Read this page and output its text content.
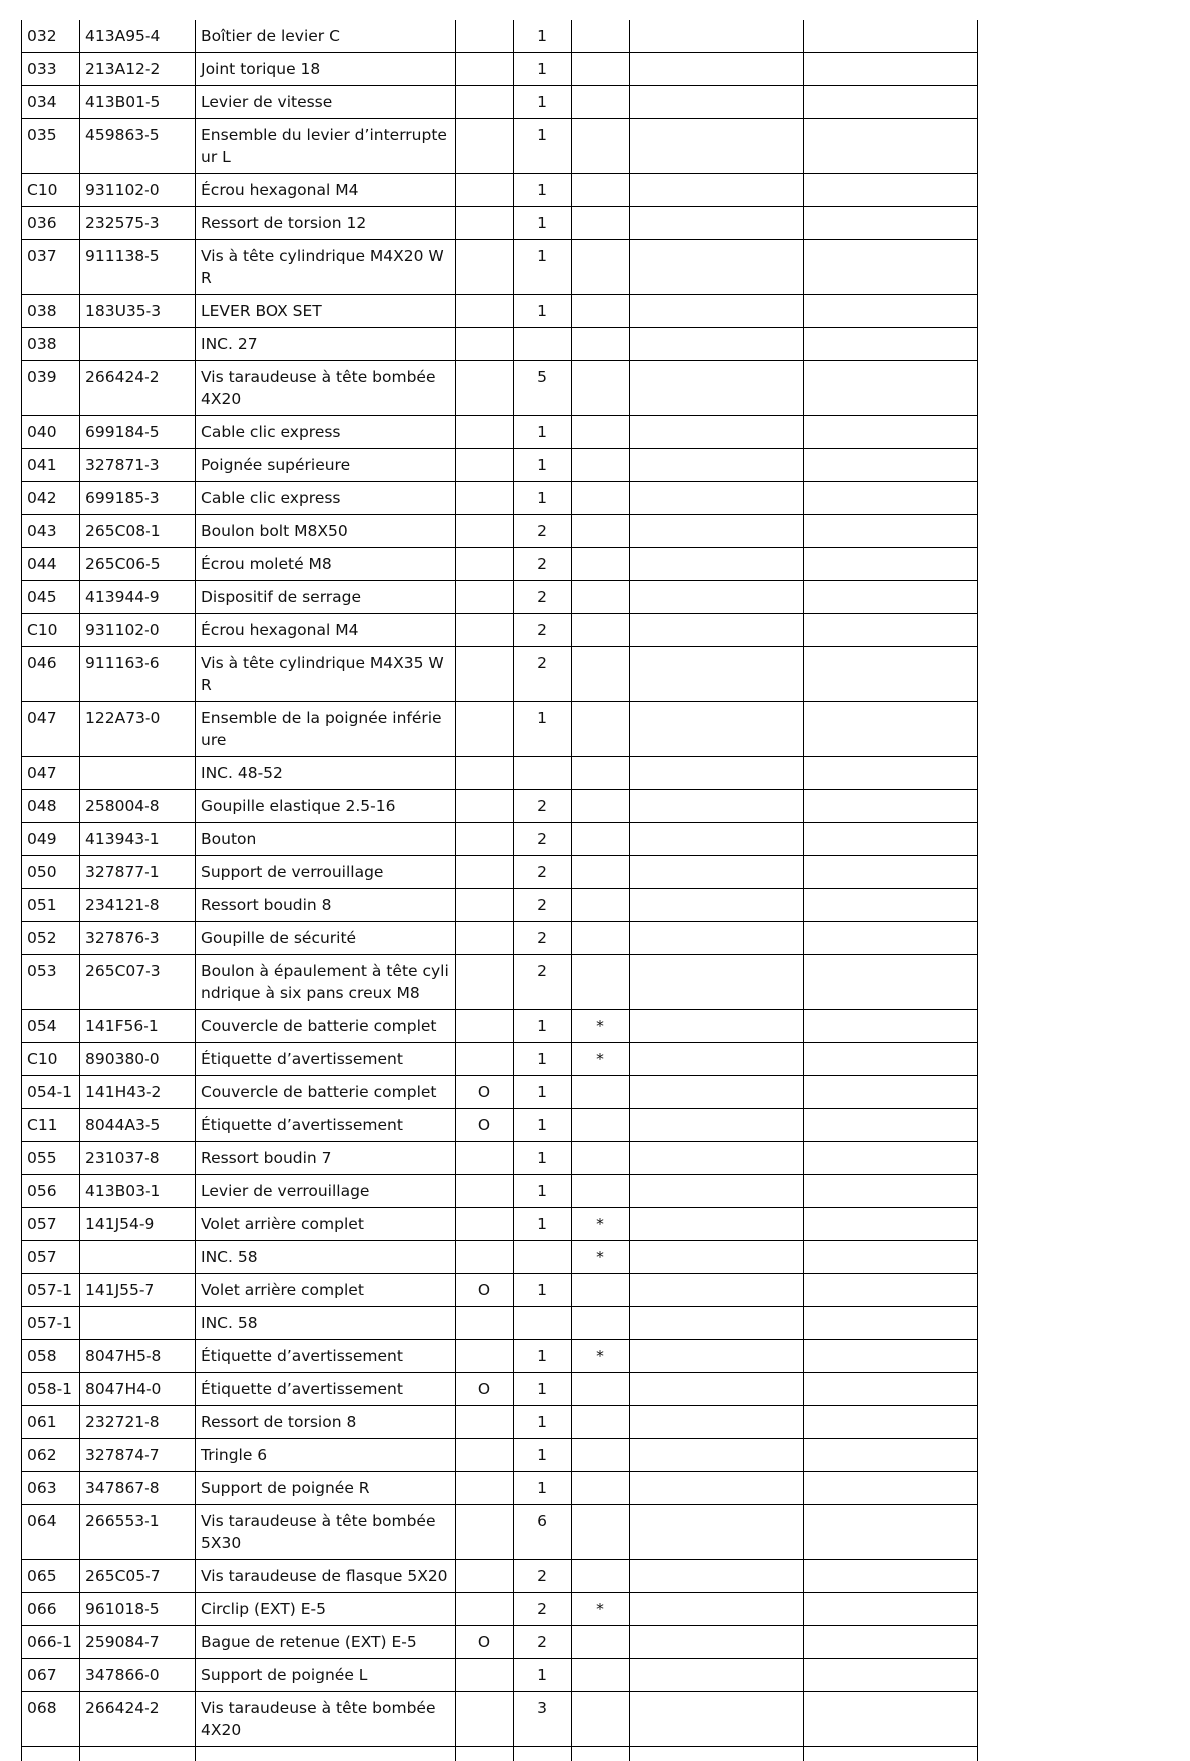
032	413A95-4	Boîtier de levier C		1			
033	213A12-2	Joint torique 18		1			
034	413B01-5	Levier de vitesse		1			
035	459863-5	Ensemble du levier d’interrupteur L		1			
C10	931102-0	Écrou hexagonal M4		1			
036	232575-3	Ressort de torsion 12		1			
037	911138-5	Vis à tête cylindrique M4X20 WR		1			
038	183U35-3	LEVER BOX SET		1			
038		INC. 27					
039	266424-2	Vis taraudeuse à tête bombée 4X20		5			
040	699184-5	Cable clic express		1			
041	327871-3	Poignée supérieure		1			
042	699185-3	Cable clic express		1			
043	265C08-1	Boulon bolt M8X50		2			
044	265C06-5	Écrou moleté M8		2			
045	413944-9	Dispositif de serrage		2			
C10	931102-0	Écrou hexagonal M4		2			
046	911163-6	Vis à tête cylindrique M4X35 WR		2			
047	122A73-0	Ensemble de la poignée inférieure		1			
047		INC. 48-52					
048	258004-8	Goupille elastique 2.5-16		2			
049	413943-1	Bouton		2			
050	327877-1	Support de verrouillage		2			
051	234121-8	Ressort boudin 8		2			
052	327876-3	Goupille de sécurité		2			
053	265C07-3	Boulon à épaulement à tête cylindrique à six pans creux M8		2			
054	141F56-1	Couvercle de batterie complet		1	*		
C10	890380-0	Étiquette d’avertissement		1	*		
054-1	141H43-2	Couvercle de batterie complet	O	1			
C11	8044A3-5	Étiquette d’avertissement	O	1			
055	231037-8	Ressort boudin 7		1			
056	413B03-1	Levier de verrouillage		1			
057	141J54-9	Volet arrière complet		1	*		
057		INC. 58			*		
057-1	141J55-7	Volet arrière complet	O	1			
057-1		INC. 58					
058	8047H5-8	Étiquette d’avertissement		1	*		
058-1	8047H4-0	Étiquette d’avertissement	O	1			
061	232721-8	Ressort de torsion 8		1			
062	327874-7	Tringle 6		1			
063	347867-8	Support de poignée R		1			
064	266553-1	Vis taraudeuse à tête bombée 5X30		6			
065	265C05-7	Vis taraudeuse de flasque 5X20		2			
066	961018-5	Circlip (EXT) E-5		2	*		
066-1	259084-7	Bague de retenue (EXT) E-5	O	2			
067	347866-0	Support de poignée L		1			
068	266424-2	Vis taraudeuse à tête bombée 4X20		3			
